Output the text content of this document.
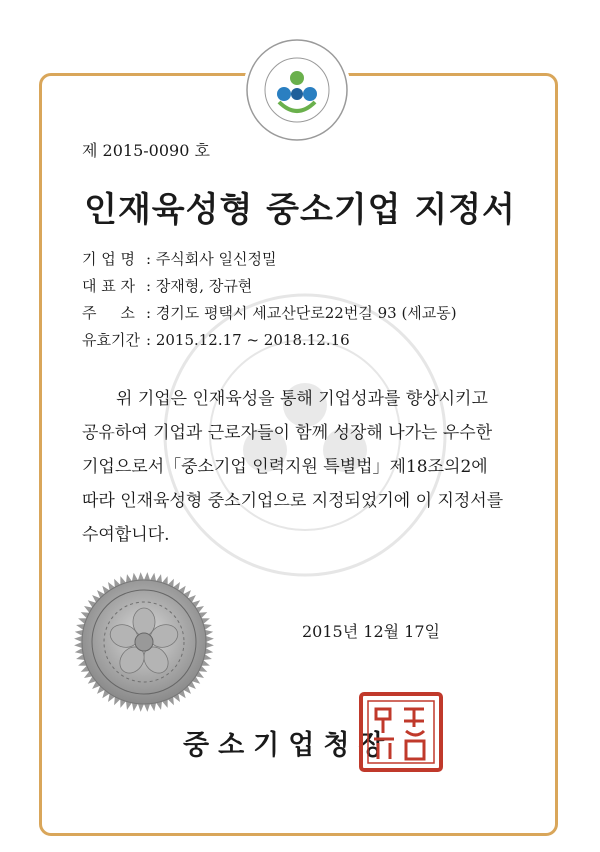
제 2015-0090 호
인재육성형 중소기업 지정서
기 업 명 : 주식회사 일신정밀
대 표 자 : 장재형, 장규현
주     소 : 경기도 평택시 세교산단로22번길 93 (세교동)
유효기간 : 2015.12.17 ~ 2018.12.16

위 기업은 인재육성을 통해 기업성과를 향상시키고

공유하여 기업과 근로자들이 함께 성장해 나가는 우수한

기업으로서「중소기업 인력지원 특별법」제18조의2에

따라 인재육성형 중소기업으로 지정되었기에 이 지정서를

수여합니다.

2015년 12월 17일
중소기업청장
